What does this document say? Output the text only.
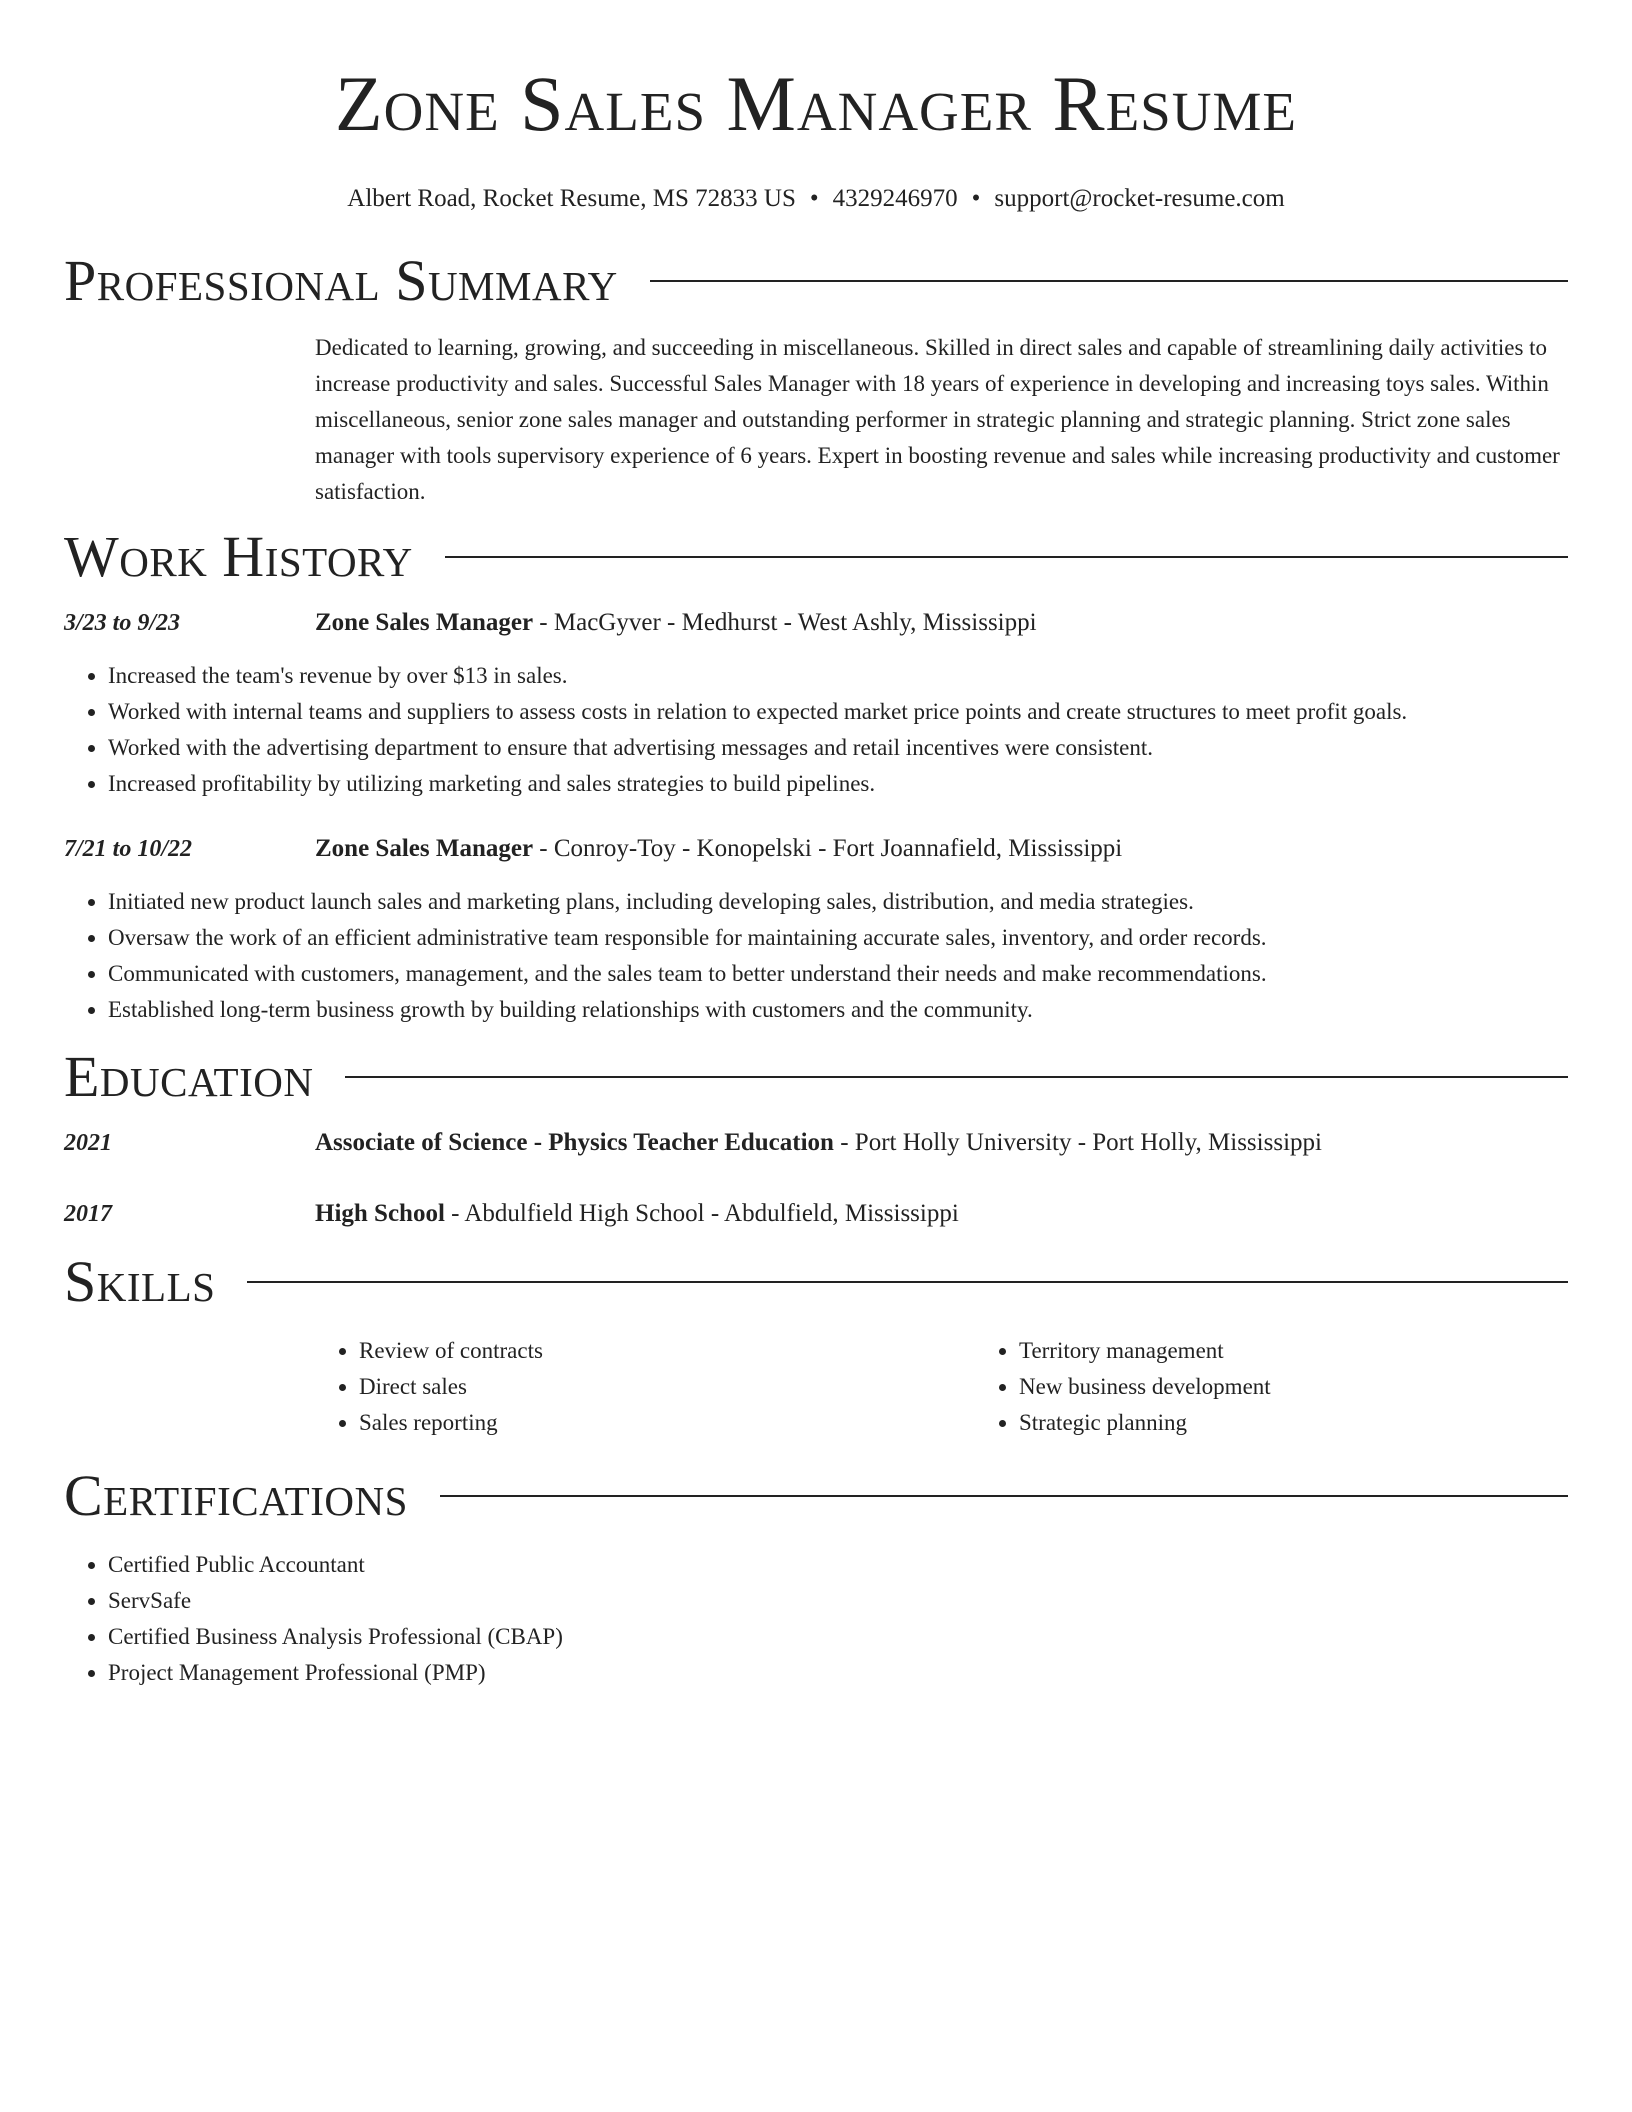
Zone Sales Manager Resume
Albert Road, Rocket Resume, MS 72833 US • 4329246970 • support@rocket-resume.com
Professional Summary
Dedicated to learning, growing, and succeeding in miscellaneous. Skilled in direct sales and capable of streamlining daily activities to increase productivity and sales. Successful Sales Manager with 18 years of experience in developing and increasing toys sales. Within miscellaneous, senior zone sales manager and outstanding performer in strategic planning and strategic planning. Strict zone sales manager with tools supervisory experience of 6 years. Expert in boosting revenue and sales while increasing productivity and customer satisfaction.
Work History
3/23 to 9/23	Zone Sales Manager - MacGyver - Medhurst - West Ashly, Mississippi
• Increased the team's revenue by over $13 in sales.
• Worked with internal teams and suppliers to assess costs in relation to expected market price points and create structures to meet profit goals.
• Worked with the advertising department to ensure that advertising messages and retail incentives were consistent.
• Increased profitability by utilizing marketing and sales strategies to build pipelines.
7/21 to 10/22	Zone Sales Manager - Conroy-Toy - Konopelski - Fort Joannafield, Mississippi
• Initiated new product launch sales and marketing plans, including developing sales, distribution, and media strategies.
• Oversaw the work of an efficient administrative team responsible for maintaining accurate sales, inventory, and order records.
• Communicated with customers, management, and the sales team to better understand their needs and make recommendations.
• Established long-term business growth by building relationships with customers and the community.
Education
2021	Associate of Science - Physics Teacher Education - Port Holly University - Port Holly, Mississippi
2017	High School - Abdulfield High School - Abdulfield, Mississippi
Skills
• Review of contracts
• Direct sales
• Sales reporting
• Territory management
• New business development
• Strategic planning
Certifications
• Certified Public Accountant
• ServSafe
• Certified Business Analysis Professional (CBAP)
• Project Management Professional (PMP)
